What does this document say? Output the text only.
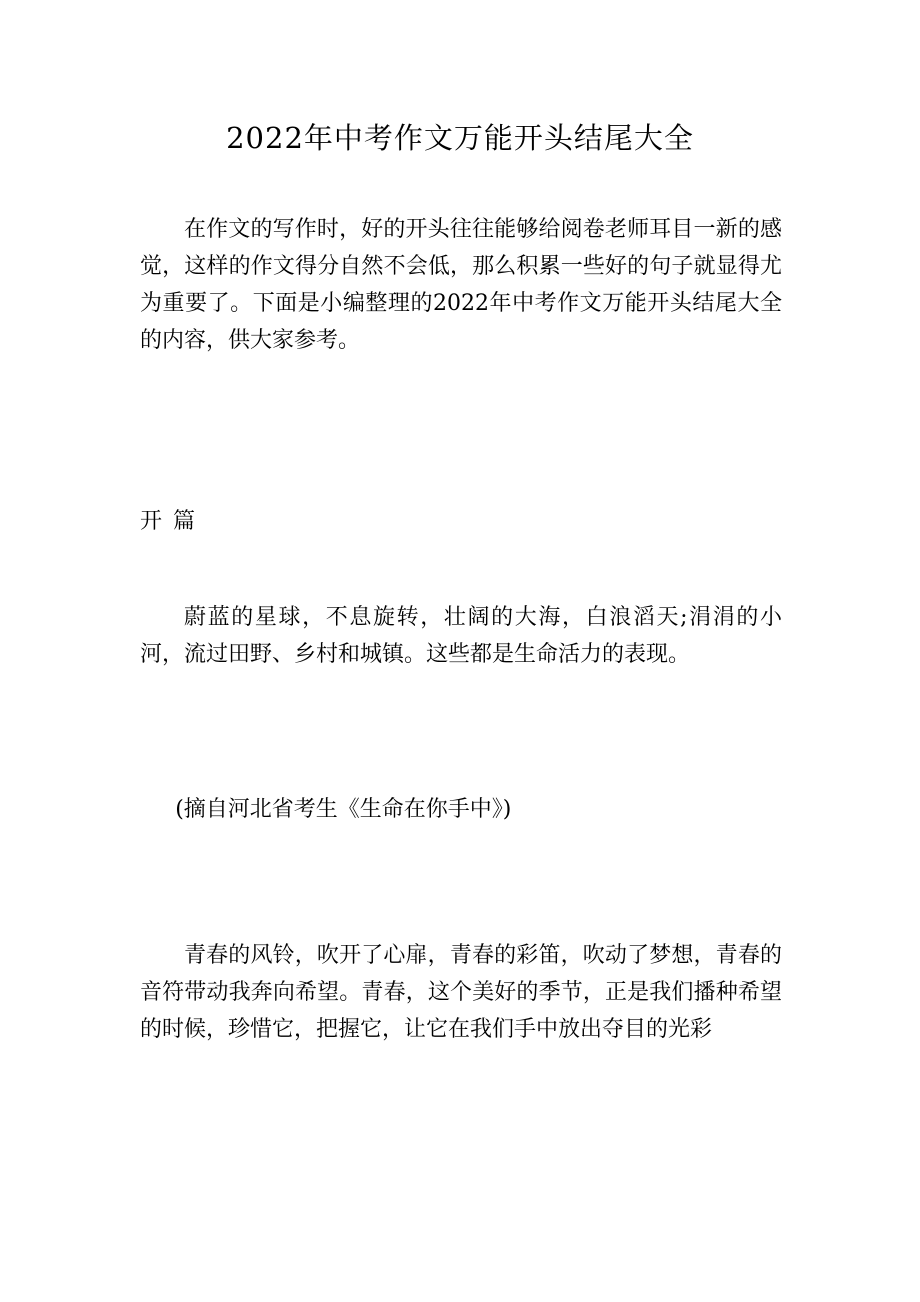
2022年中考作文万能开头结尾大全

在作文的写作时，好的开头往往能够给阅卷老师耳目一新的感觉，这样的作文得分自然不会低，那么积累一些好的句子就显得尤为重要了。下面是小编整理的2022年中考作文万能开头结尾大全的内容，供大家参考。

开 篇

蔚蓝的星球，不息旋转，壮阔的大海，白浪滔天;涓涓的小河，流过田野、乡村和城镇。这些都是生命活力的表现。

(摘自河北省考生《生命在你手中》)

青春的风铃，吹开了心扉，青春的彩笛，吹动了梦想，青春的音符带动我奔向希望。青春，这个美好的季节，正是我们播种希望的时候，珍惜它，把握它，让它在我们手中放出夺目的光彩
